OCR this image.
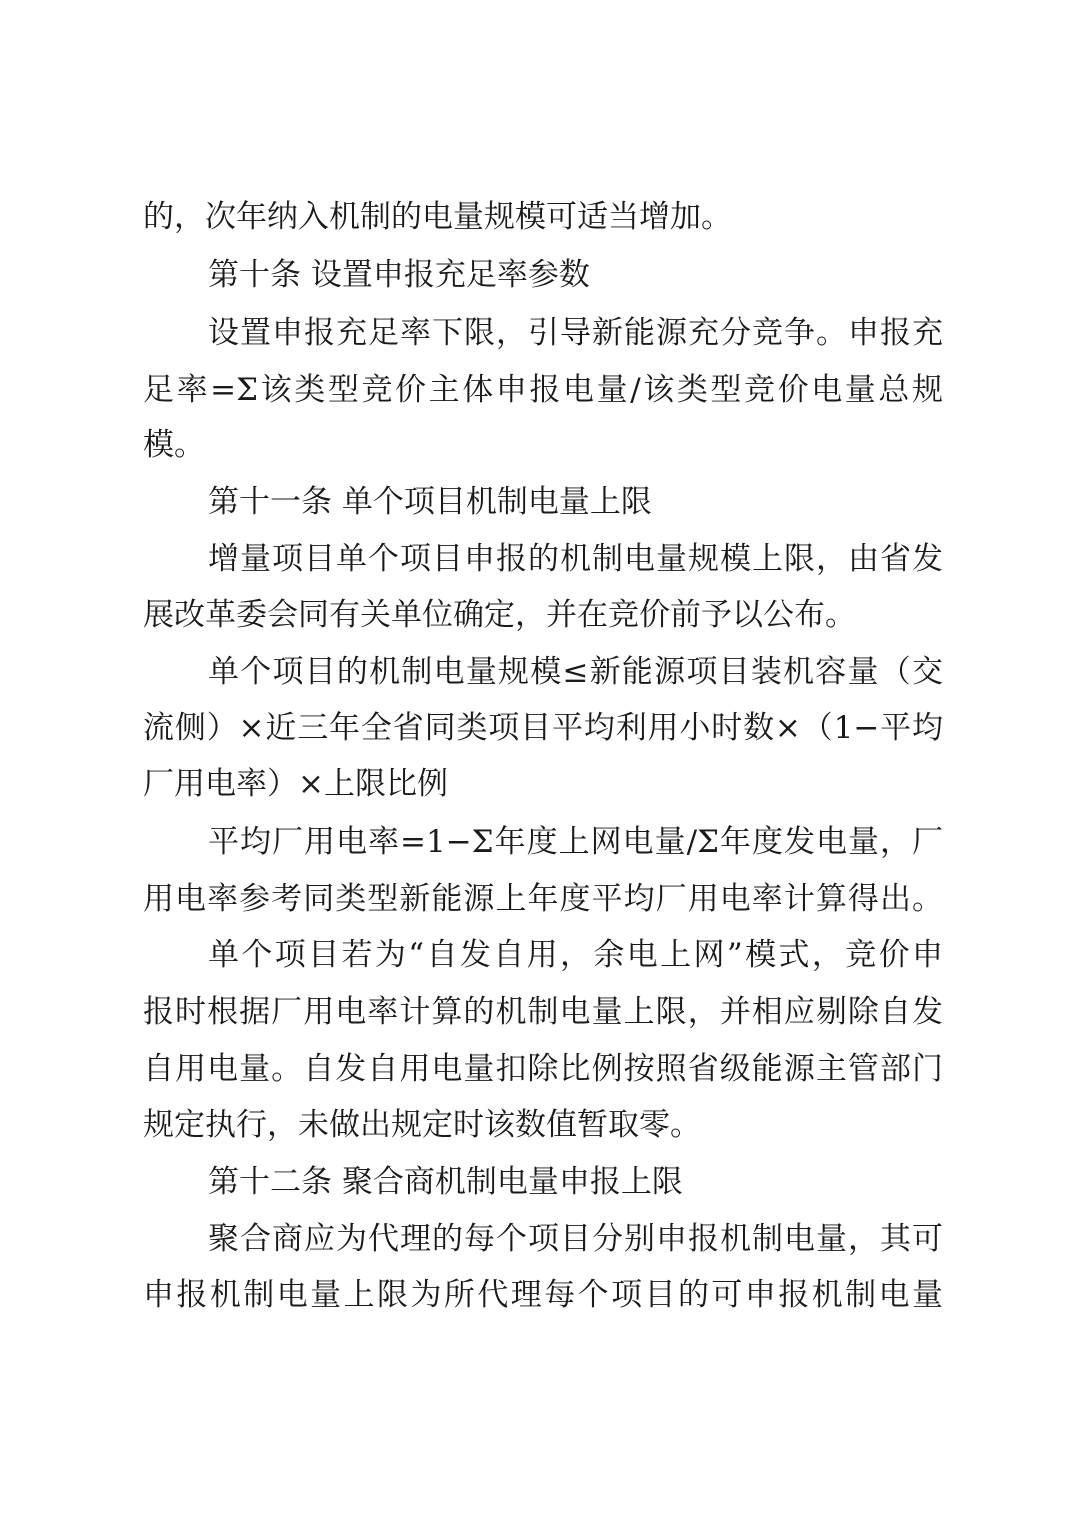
的，次年纳入机制的电量规模可适当增加。
第十条 设置申报充足率参数
设置申报充足率下限，引导新能源充分竞争。申报充
足率=Σ该类型竞价主体申报电量/该类型竞价电量总规
模。
第十一条 单个项目机制电量上限
增量项目单个项目申报的机制电量规模上限，由省发
展改革委会同有关单位确定，并在竞价前予以公布。
单个项目的机制电量规模≤新能源项目装机容量（交
流侧）×近三年全省同类项目平均利用小时数×（1−平均
厂用电率）×上限比例
平均厂用电率=1−Σ年度上网电量/Σ年度发电量，厂
用电率参考同类型新能源上年度平均厂用电率计算得出。
单个项目若为“自发自用，余电上网”模式，竞价申
报时根据厂用电率计算的机制电量上限，并相应剔除自发
自用电量。自发自用电量扣除比例按照省级能源主管部门
规定执行，未做出规定时该数值暂取零。
第十二条 聚合商机制电量申报上限
聚合商应为代理的每个项目分别申报机制电量，其可
申报机制电量上限为所代理每个项目的可申报机制电量
